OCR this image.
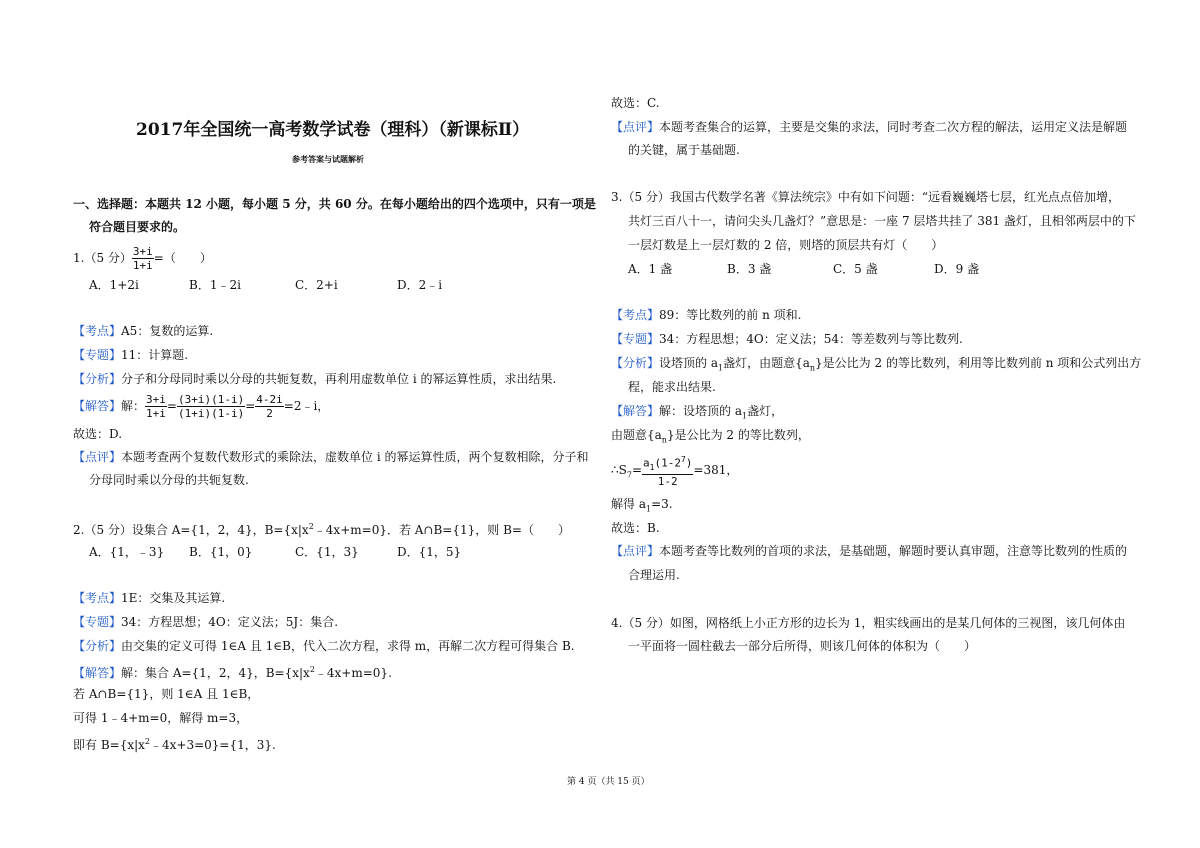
2017年全国统一高考数学试卷（理科）（新课标Ⅱ）
参考答案与试题解析
一、选择题：本题共 12 小题，每小题 5 分，共 60 分。在每小题给出的四个选项中，只有一项是
符合题目要求的。
1.（5 分） $\frac{3+i}{1+i}$ =（　　）
A．1+2i	B．1﹣2i	C．2+i	D．2﹣i
【考点】A5：复数的运算.
【专题】11：计算题.
【分析】分子和分母同时乘以分母的共轭复数，再利用虚数单位 i 的幂运算性质，求出结果.
【解答】解： $\frac{3+i}{1+i} = \frac{(3+i)(1-i)}{(1+i)(1-i)} = \frac{4-2i}{2}$ =2﹣i，
故选：D.
【点评】本题考查两个复数代数形式的乘除法，虚数单位 i 的幂运算性质，两个复数相除，分子和
分母同时乘以分母的共轭复数.
2.（5 分）设集合 A={1，2，4}，$B=\{x|x^2﹣4x+m=0\}$．若 A∩B={1}，则 B=（　　）
A．{1，﹣3} B．{1，0}	C．{1，3}	D．{1，5}
【考点】1E：交集及其运算.
【专题】34：方程思想；4O：定义法；5J：集合.
【分析】由交集的定义可得 1∈A 且 1∈B，代入二次方程，求得 m，再解二次方程可得集合 B.
【解答】解：集合 A={1，2，4}，$B=\{x|x^2﹣4x+m=0\}$.
若 A∩B={1}，则 1∈A 且 1∈B，
可得 1﹣4+m=0，解得 m=3，
即有 $B=\{x|x^2﹣4x+3=0\}=\{1$，3}.
故选：C.
【点评】本题考查集合的运算，主要是交集的求法，同时考查二次方程的解法，运用定义法是解题
的关键，属于基础题.
3.（5 分）我国古代数学名著《算法统宗》中有如下问题：“远看巍巍塔七层，红光点点倍加增，
共灯三百八十一，请问尖头几盏灯？”意思是：一座 7 层塔共挂了 381 盏灯，且相邻两层中的下
一层灯数是上一层灯数的 2 倍，则塔的顶层共有灯（　　）
A．1 盏	B．3 盏	C．5 盏	D．9 盏
【考点】89：等比数列的前 n 项和.
【专题】34：方程思想；4O：定义法；54：等差数列与等比数列.
【分析】设塔顶的 $a_1$盏灯，由题意$\{a_n\}$是公比为 2 的等比数列，利用等比数列前 n 项和公式列出方
程，能求出结果.
【解答】解：设塔顶的 $a_1$盏灯，
由题意$\{a_n\}$是公比为 2 的等比数列，
$\therefore S_7= \frac{a_1(1-2^7)}{1-2} =381$，
解得 $a_1=3$.
故选：B.
【点评】本题考查等比数列的首项的求法，是基础题，解题时要认真审题，注意等比数列的性质的
合理运用.
4.（5 分）如图，网格纸上小正方形的边长为 1，粗实线画出的是某几何体的三视图，该几何体由
一平面将一圆柱截去一部分后所得，则该几何体的体积为（　　）
第 4 页（共 15 页）
